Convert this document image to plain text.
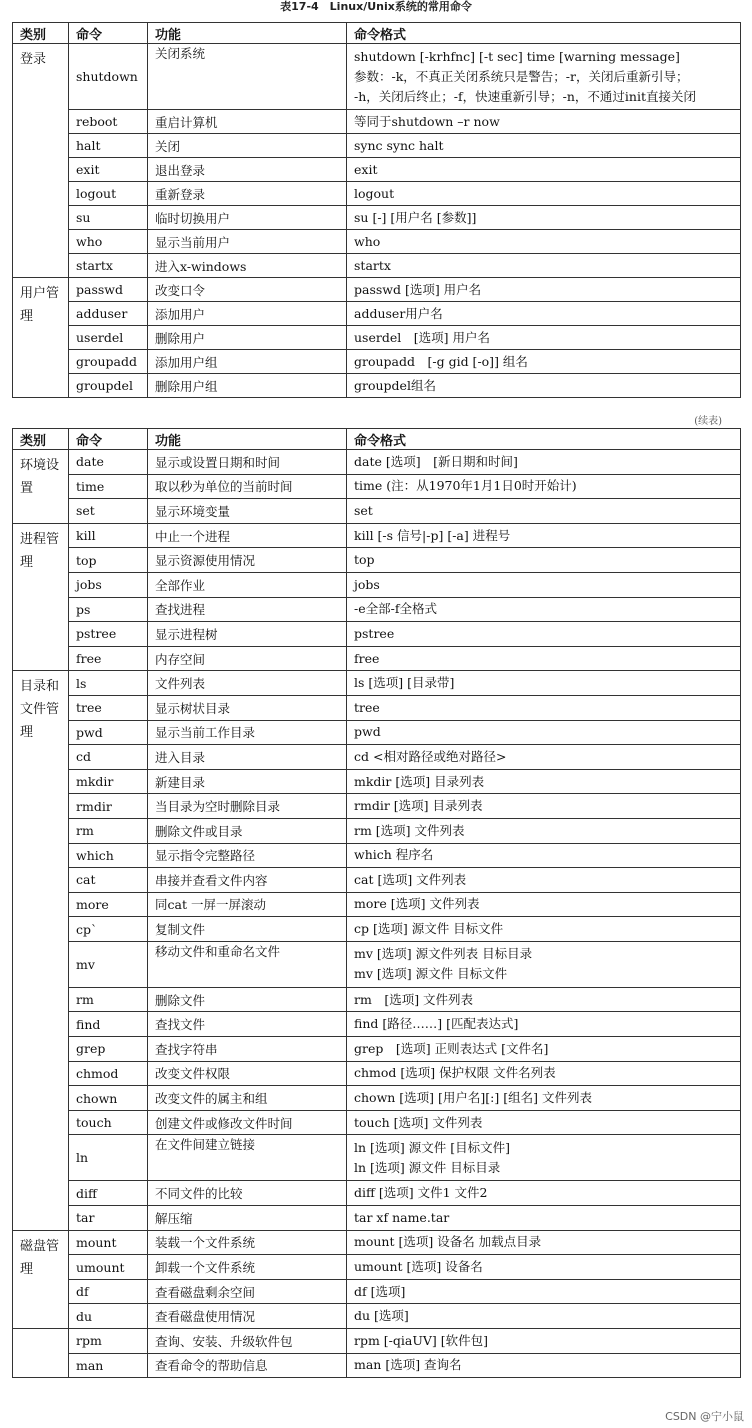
表17-4　Linux/Unix系统的常用命令
类别	命令	功能	命令格式
登录	shutdown	关闭系统	shutdown [-krhfnc] [-t sec] time [warning message]
参数：-k，不真正关闭系统只是警告；-r，关闭后重新引导；
-h，关闭后终止；-f，快速重新引导；-n，不通过init直接关闭

	reboot	重启计算机	等同于shutdown –r now

	halt	关闭	sync sync halt

	exit	退出登录	exit

	logout	重新登录	logout

	su	临时切换用户	su [-] [用户名 [参数]]

	who	显示当前用户	who

	startx	进入x-windows	startx

用户管理	passwd	改变口令	passwd [选项] 用户名

	adduser	添加用户	adduser用户名

	userdel	删除用户	userdel　[选项] 用户名

	groupadd	添加用户组	groupadd　[-g gid [-o]] 组名

	groupdel	删除用户组	groupdel组名
(续表)
类别	命令	功能	命令格式
环境设置	date	显示或设置日期和时间	date [选项]　[新日期和时间]

	time	取以秒为单位的当前时间	time (注：从1970年1月1日0时开始计)

	set	显示环境变量	set

进程管理	kill	中止一个进程	kill [-s 信号|-p] [-a] 进程号

	top	显示资源使用情况	top

	jobs	全部作业	jobs

	ps	查找进程	-e全部-f全格式

	pstree	显示进程树	pstree

	free	内存空间	free

目录和文件管理	ls	文件列表	ls [选项] [目录带]

	tree	显示树状目录	tree

	pwd	显示当前工作目录	pwd

	cd	进入目录	cd <相对路径或绝对路径>

	mkdir	新建目录	mkdir [选项] 目录列表

	rmdir	当目录为空时删除目录	rmdir [选项] 目录列表

	rm	删除文件或目录	rm [选项] 文件列表

	which	显示指令完整路径	which 程序名

	cat	串接并查看文件内容	cat [选项] 文件列表

	more	同cat 一屏一屏滚动	more [选项] 文件列表

	cp`	复制文件	cp [选项] 源文件 目标文件

	mv	移动文件和重命名文件	mv [选项] 源文件列表 目标目录
mv [选项] 源文件 目标文件

	rm	删除文件	rm　[选项] 文件列表

	find	查找文件	find [路径……] [匹配表达式]

	grep	查找字符串	grep　[选项] 正则表达式 [文件名]

	chmod	改变文件权限	chmod [选项] 保护权限 文件名列表

	chown	改变文件的属主和组	chown [选项] [用户名][:] [组名] 文件列表

	touch	创建文件或修改文件时间	touch [选项] 文件列表

	ln	在文件间建立链接	ln [选项] 源文件 [目标文件]
ln [选项] 源文件 目标目录

	diff	不同文件的比较	diff [选项] 文件1 文件2

	tar	解压缩	tar xf name.tar

磁盘管理	mount	装载一个文件系统	mount [选项] 设备名 加载点目录

	umount	卸载一个文件系统	umount [选项] 设备名

	df	查看磁盘剩余空间	df [选项]

	du	查看磁盘使用情况	du [选项]

	rpm	查询、安装、升级软件包	rpm [-qiaUV] [软件包]

	man	查看命令的帮助信息	man [选项] 查询名
CSDN @宁小鼠
